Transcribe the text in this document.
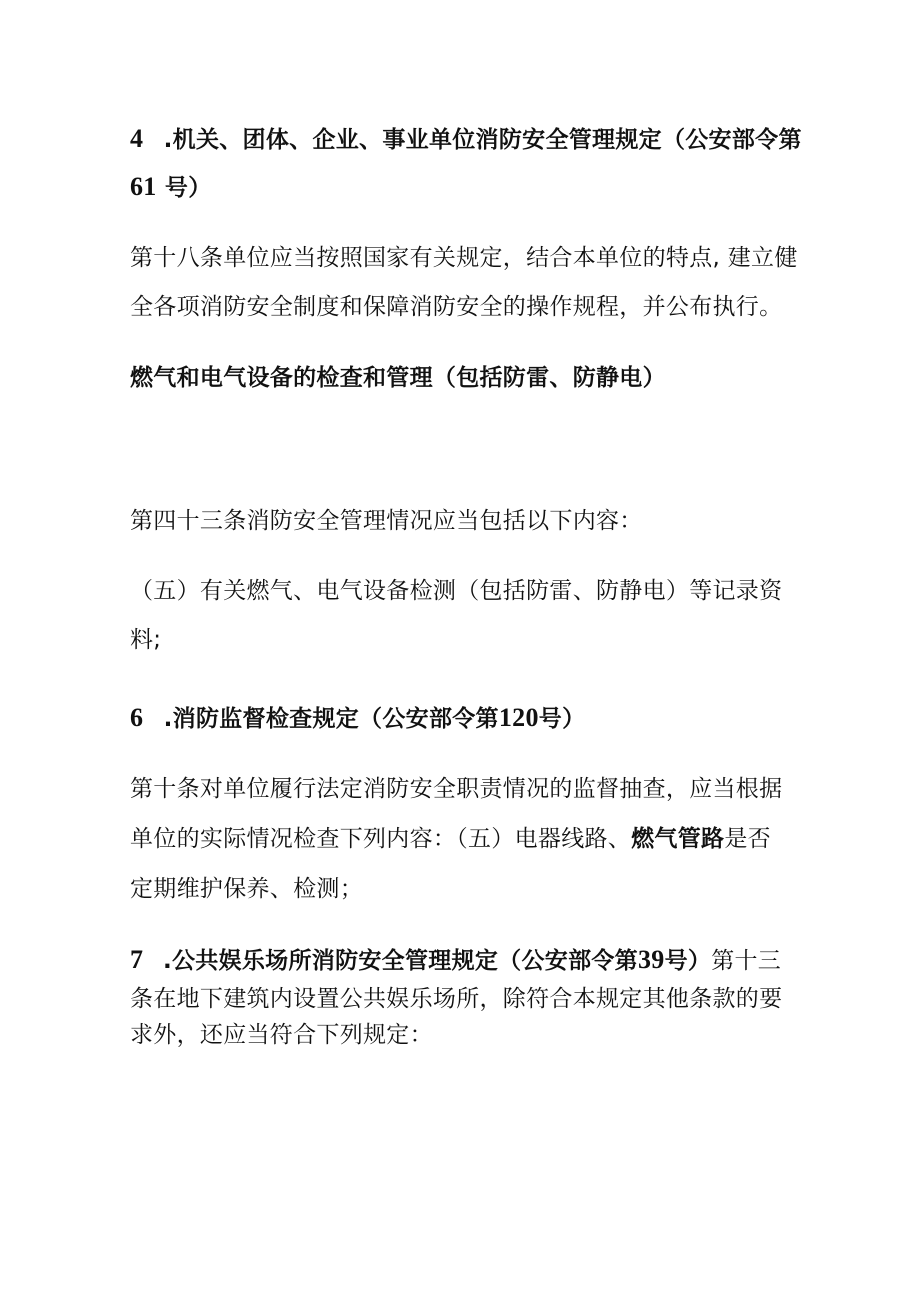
4 .机关、团体、企业、事业单位消防安全管理规定（公安部令第
61 号）
第十八条单位应当按照国家有关规定，结合本单位的特点, 建立健
全各项消防安全制度和保障消防安全的操作规程，并公布执行。
燃气和电气设备的检查和管理（包括防雷、防静电）
第四十三条消防安全管理情况应当包括以下内容：
（五）有关燃气、电气设备检测（包括防雷、防静电）等记录资
料;
6 .消防监督检查规定（公安部令第120号）
第十条对单位履行法定消防安全职责情况的监督抽查，应当根据
单位的实际情况检查下列内容：（五）电器线路、燃气管路是否
定期维护保养、检测；
7 .公共娱乐场所消防安全管理规定（公安部令第39号）第十三
条在地下建筑内设置公共娱乐场所，除符合本规定其他条款的要
求外，还应当符合下列规定：
